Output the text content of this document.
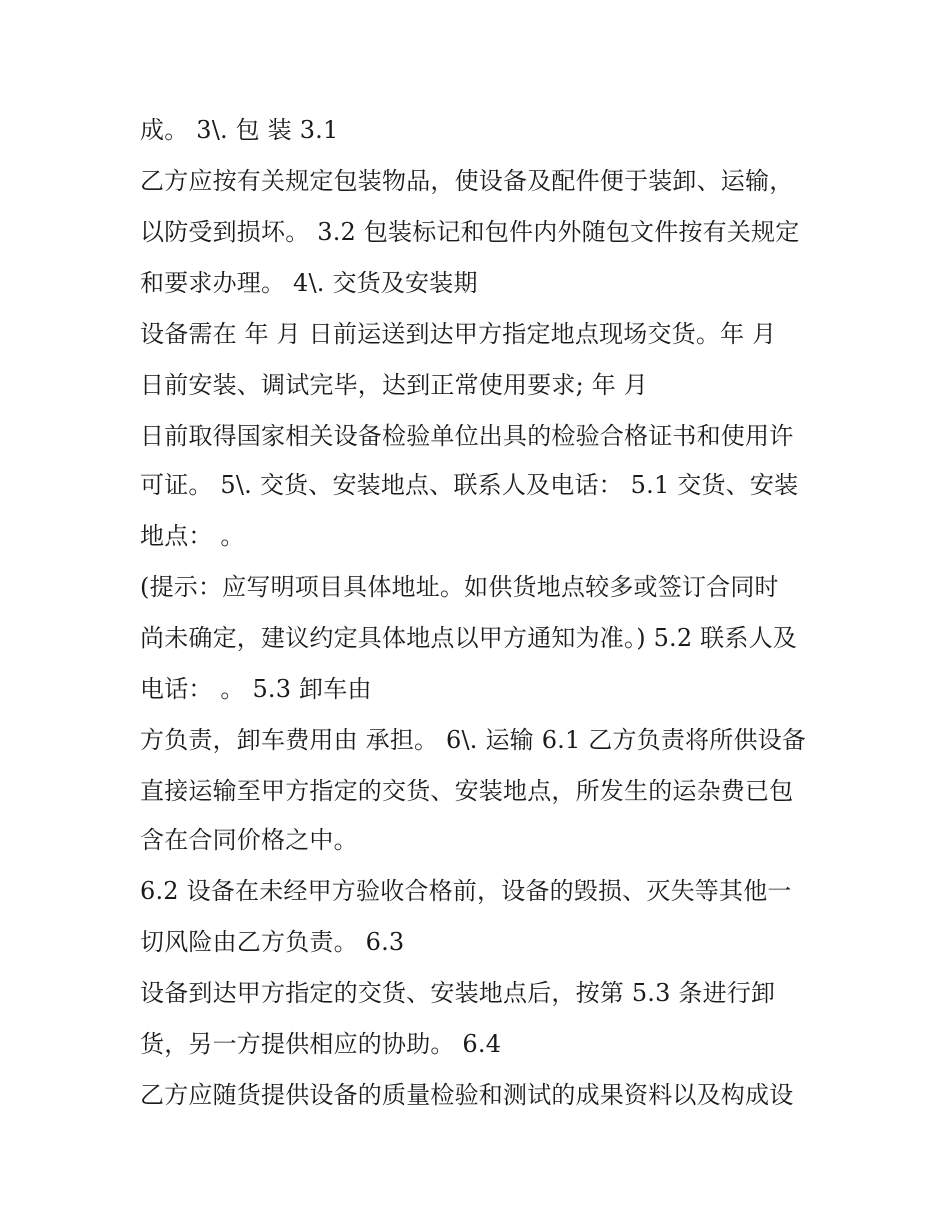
成。 3\. 包 装 3.1
乙方应按有关规定包装物品，使设备及配件便于装卸、运输，
以防受到损坏。 3.2 包装标记和包件内外随包文件按有关规定
和要求办理。 4\. 交货及安装期
设备需在 年 月 日前运送到达甲方指定地点现场交货。年 月
日前安装、调试完毕，达到正常使用要求; 年 月
日前取得国家相关设备检验单位出具的检验合格证书和使用许
可证。 5\. 交货、安装地点、联系人及电话： 5.1 交货、安装
地点： 。
(提示：应写明项目具体地址。如供货地点较多或签订合同时
尚未确定，建议约定具体地点以甲方通知为准。) 5.2 联系人及
电话： 。 5.3 卸车由
方负责，卸车费用由 承担。 6\. 运输 6.1 乙方负责将所供设备
直接运输至甲方指定的交货、安装地点，所发生的运杂费已包
含在合同价格之中。
6.2 设备在未经甲方验收合格前，设备的毁损、灭失等其他一
切风险由乙方负责。 6.3
设备到达甲方指定的交货、安装地点后，按第 5.3 条进行卸
货，另一方提供相应的协助。 6.4
乙方应随货提供设备的质量检验和测试的成果资料以及构成设
